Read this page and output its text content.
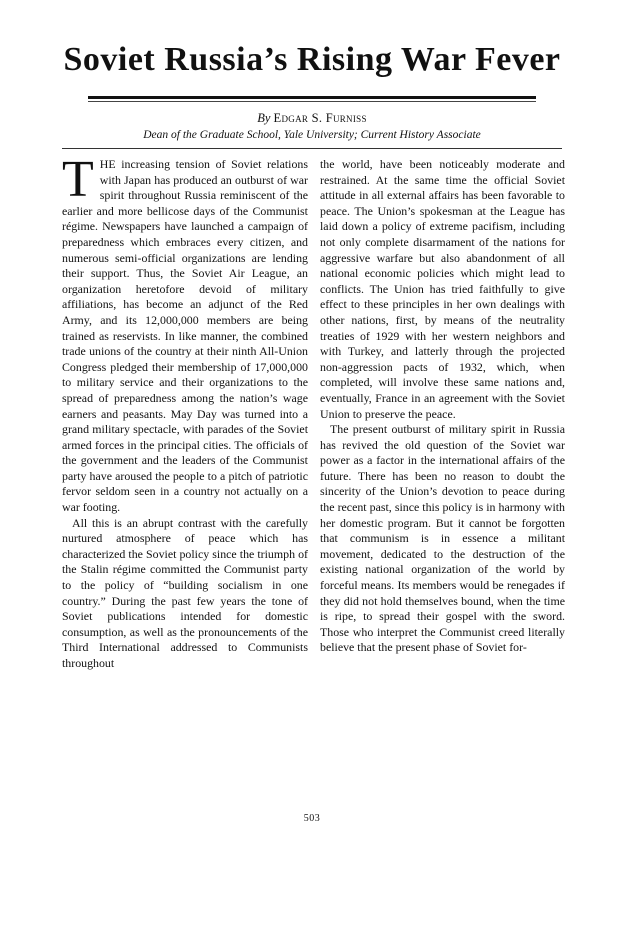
Soviet Russia’s Rising War Fever
By Edgar S. Furniss
Dean of the Graduate School, Yale University; Current History Associate

THE increasing tension of Soviet relations with Japan has produced an outburst of war spirit throughout Russia reminiscent of the earlier and more bellicose days of the Communist régime. Newspapers have launched a campaign of preparedness which embraces every citizen, and numerous semi-official organizations are lending their support. Thus, the Soviet Air League, an organization heretofore devoid of military affiliations, has become an adjunct of the Red Army, and its 12,000,000 members are being trained as reservists. In like manner, the combined trade unions of the country at their ninth All-Union Congress pledged their membership of 17,000,000 to military service and their organizations to the spread of preparedness among the nation’s wage earners and peasants. May Day was turned into a grand military spectacle, with parades of the Soviet armed forces in the principal cities. The officials of the government and the leaders of the Communist party have aroused the people to a pitch of patriotic fervor seldom seen in a country not actually on a war footing.

All this is an abrupt contrast with the carefully nurtured atmosphere of peace which has characterized the Soviet policy since the triumph of the Stalin régime committed the Communist party to the policy of “building socialism in one country.” During the past few years the tone of Soviet publications intended for domestic consumption, as well as the pronouncements of the Third International addressed to Communists throughout

the world, have been noticeably moderate and restrained. At the same time the official Soviet attitude in all external affairs has been favorable to peace. The Union’s spokesman at the League has laid down a policy of extreme pacifism, including not only complete disarmament of the nations for aggressive warfare but also abandonment of all national economic policies which might lead to conflicts. The Union has tried faithfully to give effect to these principles in her own dealings with other nations, first, by means of the neutrality treaties of 1929 with her western neighbors and with Turkey, and latterly through the projected non-aggression pacts of 1932, which, when completed, will involve these same nations and, eventually, France in an agreement with the Soviet Union to preserve the peace.

The present outburst of military spirit in Russia has revived the old question of the Soviet war power as a factor in the international affairs of the future. There has been no reason to doubt the sincerity of the Union’s devotion to peace during the recent past, since this policy is in harmony with her domestic program. But it cannot be forgotten that communism is in essence a militant movement, dedicated to the destruction of the existing national organization of the world by forceful means. Its members would be renegades if they did not hold themselves bound, when the time is ripe, to spread their gospel with the sword. Those who interpret the Communist creed literally believe that the present phase of Soviet for-

503
